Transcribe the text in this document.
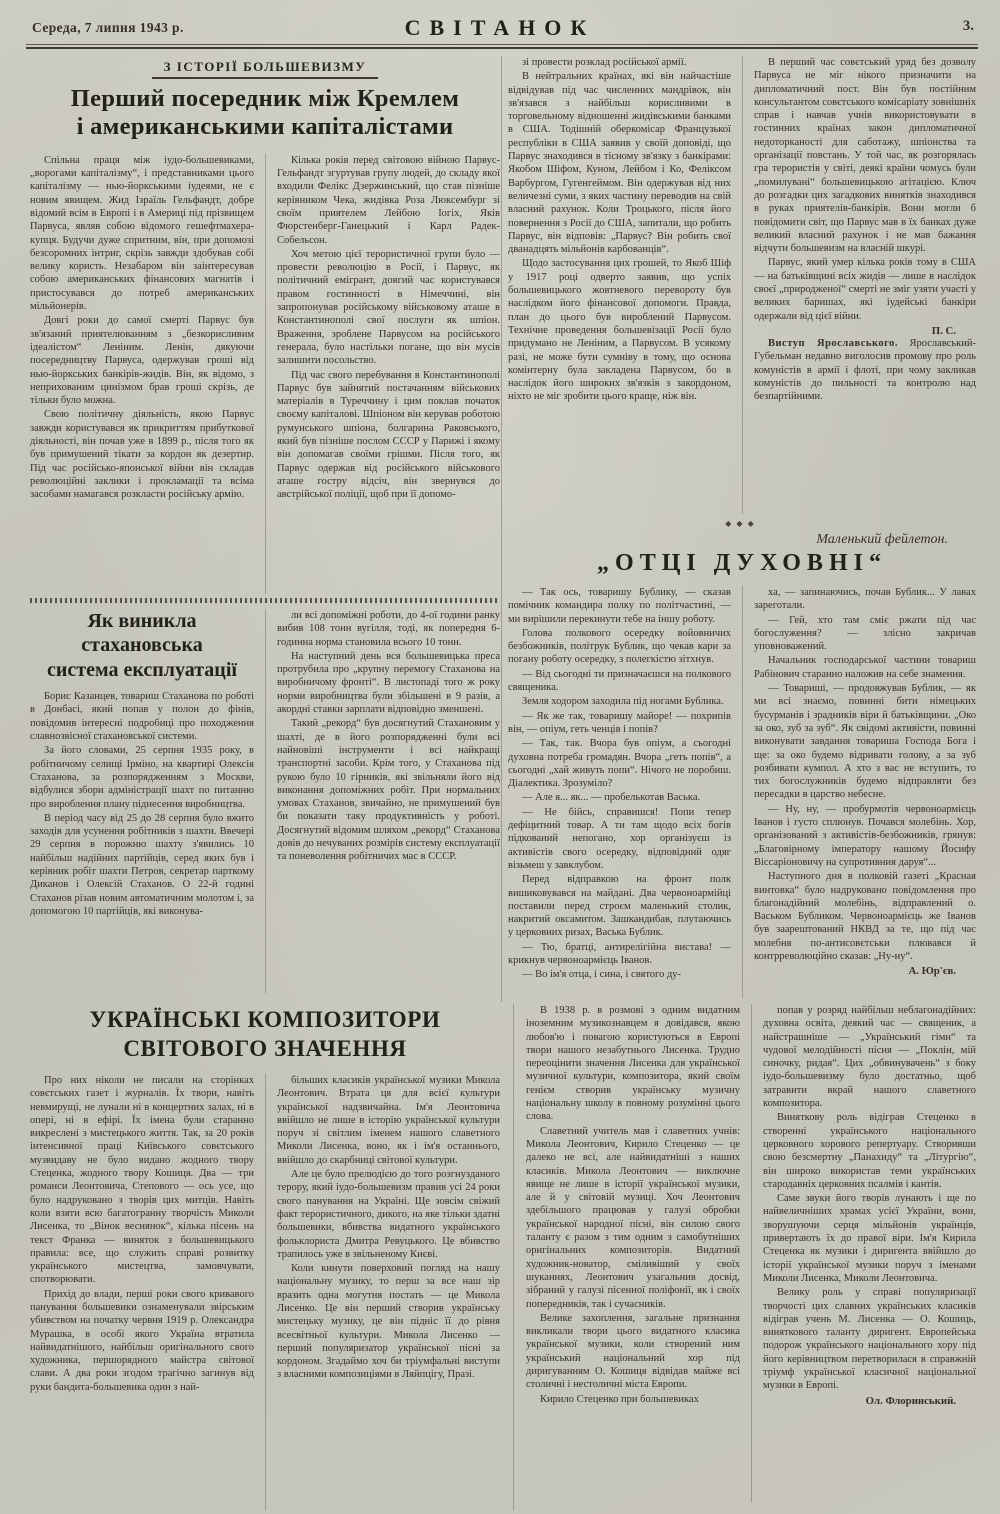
Середа, 7 липня 1943 р.	СВІТАНОК	3.
З ІСТОРІЇ БОЛЬШЕВИЗМУ
Перший посередник між Кремлем
і американськими капіталістами

Спільна праця між іудо-большевиками, „ворогами капіталізму“, і представниками цього капіталізму — нью-йоркськими іудеями, не є новим явищем. Жид Ізраїль Гельфандт, добре відомий всім в Европі і в Америці під прізвищем Парвуса, являв собою відомого гешефтмахера-купця. Будучи дуже спритним, він, при допомозі безсоромних інтриг, скрізь завжди здобував собі велику користь. Незабаром він заінтересував собою американських фінансових магнатів і пристосувався до потреб американських мільйонерів.

Довгі роки до самої смерті Парвус був зв'язаний приятелюванням з „безкорисливим ідеалістом“ Леніним. Ленін, дякуючи посередництву Парвуса, одержував гроші від нью-йоркських банкірів-жидів. Він, як відомо, з неприхованим цинізмом брав гроші скрізь, де тільки було можна.

Свою політичну діяльність, якою Парвус завжди користувався як прикриттям прибуткової діяльності, він почав уже в 1899 р., після того як був примушений тікати за кордон як дезертир. Під час російсько-японської війни він складав революційні заклики і прокламації та всіма засобами намагався розкласти російську армію.

Кілька років перед світовою війною Парвус-Гельфандт згуртував групу людей, до складу якої входили Фелікс Дзержинський, що став пізніше керівником Чека, жидівка Роза Люксембург зі своїм приятелем Лейбою Іогіх, Яків Фюрстенберг-Ганецький і Карл Радек-Собельсон.

Хоч метою цієї терористичної групи було — провести революцію в Росії, і Парвус, як політичний емігрант, довгий час користувався правом гостинності в Німеччині, він запропонував російському військовому аташе в Константинополі свої послуги як шпіон. Враження, зроблене Парвусом на російського генерала, було настільки погане, що він мусів залишити посольство.

Під час свого перебування в Константинополі Парвус був зайнятий постачанням військових матеріалів в Туреччину і цим поклав початок своєму капіталові. Шпіоном він керував роботою румунського шпіона, болгарина Раковського, який був пізніше послом СССР у Парижі і якому він допомагав своїми грішми. Після того, як Парвус одержав від російського військового аташе гостру відсіч, він звернувся до австрійської поліції, щоб при її допомо-

зі провести розклад російської армії.

В нейтральних країнах, які він найчастіше відвідував під час численних мандрівок, він зв'язався з найбільш корисливими в торговельному відношенні жидівськими банками в США. Тодішній оберкомісар Французької республіки в США заявив у своїй доповіді, що Парвус знаходився в тісному зв'язку з банкірами: Якобом Шіфом, Куном, Лейбом і Ко, Феліксом Варбургом, Гугенгеймом. Він одержував від них величезні суми, з яких частину переводив на свій власний рахунок. Коли Троцького, після його повернення з Росії до США, запитали, що робить Парвус, він відповів: „Парвус? Він робить свої дванадцять мільйонів карбованців“.

Щодо застосування цих грошей, то Якоб Шіф у 1917 році одверто заявив, що успіх большевицького жовтневого перевороту був наслідком його фінансової допомоги. Правда, план до цього був вироблений Парвусом. Технічне проведення большевізації Росії було придумано не Леніним, а Парвусом. В усякому разі, не може бути сумніву в тому, що основа комінтерну була закладена Парвусом, бо в наслідок його широких зв'язків з закордоном, ніхто не міг зробити цього краще, ніж він.

В перший час совєтський уряд без дозволу Парвуса не міг нікого призначити на дипломатичний пост. Він був постійним консультантом совєтського комісаріату зовнішніх справ і навчав учнів використовувати в гостинних країнах закон дипломатичної недоторканості для саботажу, шпіонства та організації повстань. У той час, як розгорялась гра терористів у світі, деякі країни чомусь були „помилувані“ большевицькою агітацією. Ключ до розгадки цих загадкових винятків знаходився в руках приятелів-банкірів. Вони могли б повідомити світ, що Парвус мав в їх банках дуже великий власний рахунок і не мав бажання відчути большевизм на власній шкурі.

Парвус, який умер кілька років тому в США — на батьківщині всіх жидів — лише в наслідок своєї „природженої“ смерті не зміг узяти участі у великих баришах, які іудейські банкіри одержали від цієї війни.

П. С.

Виступ Ярославського. Ярославський-Губельман недавно виголосив промову про роль комуністів в армії і флоті, при чому закликав комуністів до пильності та контролю над безпартійними.

◆◆◆
Маленький фейлетон.
„ОТЦІ ДУХОВНІ“

— Так ось, товаришу Бублику, — сказав помічник командира полку по політчастині, — ми вирішили перекинути тебе на іншу роботу.

Голова полкового осередку войовничих безбожників, політрук Бублик, що чекав кари за погану роботу осередку, з полегкістю зітхнув.

— Від сьогодні ти призначаєшся на полкового священика.

Земля ходором заходила під ногами Бублика.

— Як же так, товаришу майоре! — похрипів він, — опіум, геть ченців і попів?

— Так, так. Вчора був опіум, а сьогодні духовна потреба громадян. Вчора „геть попів“, а сьогодні „хай живуть попи“. Нічого не поробиш. Діалектика. Зрозуміло?

— Але я... як... — пробелькотав Васька.

— Не бійсь, справишся! Попи тепер дефіцитний товар. А ти там щодо всіх богів підкований непогано, хор організуєш із активістів свого осередку, відповідний одяг візьмеш у завклубом.

Перед відправкою на фронт полк вишиковувався на майдані. Два червоноармійці поставили перед строєм маленький столик, накритий оксамитом. Зашкандибав, плутаючись у церковних ризах, Васька Бублик.

— Тю, братці, антирелігійна вистава! — крикнув червоноармієць Іванов.

— Во ім'я отца, і сина, і святого ду-

ха, — запинаючись, почав Бублик... У лавах зареготали.

— Гей, хто там сміє ржати під час богослуження? — злісно закричав уповноважений.

Начальник господарської частини товариш Рабінович старанно наложив на себе знамення.

— Товариші, — продовжував Бублик, — як ми всі знаємо, повинні бити німецьких бусурманів і зрадників віри й батьківщини. „Око за око, зуб за зуб“. Як свідомі активісти, повинні виконувати завдання товариша Господа Бога і ще: за око будемо відривати голову, а за зуб розбивати кумпол. А хто з вас не вступить, то тих богослужників будемо відправляти без пересадки в царство небесне.

— Ну, ну, — пробурмотів червоноармієць Іванов і густо сплюнув. Почався молебінь. Хор, організований з активістів-безбожників, грянув: „Благовірному імператору нашому Йосифу Віссаріоновичу на супротивния даруя“...

Наступного дня в полковій газеті „Красная винтовка“ було надруковано повідомлення про благонадійний молебінь, відправлений о. Васьком Бубликом. Червоноармієць же Іванов був заарештований НКВД за те, що під час молебня по-антисовєтськи плювався й контрреволюційно сказав: „Ну-ну“.

А. Юр'єв.
Як виникла стахановська
система експлуатації

Борис Казанцев, товариш Стаханова по роботі в Донбасі, який попав у полон до фінів, повідомив інтересні подробиці про походження славнозвісної стахановської системи.

За його словами, 25 серпня 1935 року, в робітничому селищі Ірміно, на квартирі Олексія Стаханова, за розпорядженням з Москви, відбулися збори адміністрації шахт по питанню про вироблення плану піднесення виробництва.

В період часу від 25 до 28 серпня було вжито заходів для усунення робітників з шахти. Ввечері 29 серпня в порожню шахту з'явились 10 найбільш надійних партійців, серед яких був і керівник робіт шахти Петров, секретар парткому Диканов і Олексій Стаханов. О 22-й годині Стаханов різав новим автоматичним молотом і, за допомогою 10 партійців, які виконува-

ли всі допоміжні роботи, до 4-ої години ранку вибив 108 тонн вугілля, тоді, як попередня 6-годинна норма становила всього 10 тонн.

На наступний день вся большевицька преса протрубила про „крупну перемогу Стаханова на виробничому фронті“. В листопаді того ж року норми виробництва були збільшені в 9 разів, а акордні ставки зарплати відповідно зменшені.

Такий „рекорд“ був досягнутий Стахановим у шахті, де в його розпорядженні були всі найновіші інструменти і всі найкращі транспортні засоби. Крім того, у Стаханова під рукою було 10 гірників, які звільняли його від виконання допоміжних робіт. При нормальних умовах Стаханов, звичайно, не примушений був би показати таку продуктивність у роботі. Досягнутий відомим шляхом „рекорд“ Стаханова довів до нечуваних розмірів систему експлуатації та поневолення робітничих мас в СССР.

УКРАЇНСЬКІ КОМПОЗИТОРИ
СВІТОВОГО ЗНАЧЕННЯ

Про них ніколи не писали на сторінках совєтських газет і журналів. Їх твори, навіть невмирущі, не лунали ні в концертних залах, ні в опері, ні в ефірі. Їх імена були старанно викреслені з мистецького життя. Так, за 20 років інтенсивної праці Київського совєтського музвидаву не було видано жодного твору Стеценка, жодного твору Кошиця. Два — три романси Леонтовича, Степового — ось усе, що було надруковано з творів цих митців. Навіть коли взяти всю багатогранну творчість Миколи Лисенка, то „Вінок веснянок“, кілька пісень на текст Франка — виняток з большевицького правила: все, що служить справі розвитку українського мистецтва, замовчувати, спотворювати.

Прихід до влади, перші роки свого кривавого панування большевики ознаменували звірським убивством на початку червня 1919 р. Олександра Мурашка, в особі якого Україна втратила найвидатнішого, найбільш оригінального свого художника, першорядного майстра світової слави. А два роки згодом трагічно загинув від руки бандита-большевика один з най-

більших класиків української музики Микола Леонтович. Втрата ця для всієї культури української надзвичайна. Ім'я Леонтовича ввійшло не лише в історію української культури поруч зі світлим іменем нашого славетного Миколи Лисенка, воно, як і ім'я останнього, ввійшло до скарбниці світової культури.

Але це було прелюдією до того розгнузданого терору, який іудо-большевизм правив усі 24 роки свого панування на Україні. Ще зовсім свіжий факт терористичного, дикого, на яке тільки здатні большевики, вбивства видатного українського фольклориста Дмитра Ревуцького. Це вбивство трапилось уже в звільненому Києві.

Коли кинути поверховий погляд на нашу національну музику, то перш за все наш зір вразить одна могутня постать — це Микола Лисенко. Це він перший створив українську мистецьку музику, це він підніс її до рівня всесвітньої культури. Микола Лисенко — перший популяризатор української пісні за кордоном. Згадаймо хоч би тріумфальні виступи з власними композиціями в Ляйпцігу, Празі.

В 1938 р. в розмові з одним видатним іноземним музикознавцем я довідався, якою любов'ю і повагою користуються в Европі твори нашого незабутнього Лисенка. Трудно переоцінити значення Лисенка для української музичної культури, композитора, який своїм генієм створив українську музичну національну школу в повному розумінні цього слова.

Славетний учитель мав і славетних учнів: Микола Леонтович, Кирило Стеценко — це далеко не всі, але найвидатніші з наших класиків. Микола Леонтович — виключне явище не лише в історії української музики, але й у світовій музиці. Хоч Леонтович здебільшого працював у галузі обробки української народної пісні, він силою свого таланту є разом з тим одним з самобутніших оригінальних композиторів. Видатний художник-новатор, сміливіший у своїх шуканнях, Леонтович узагальнив досвід, зібраний у галузі пісенної поліфонії, як і своїх попередників, так і сучасників.

Велике захоплення, загальне признання викликали твори цього видатного класика української музики, коли створений ним український національний хор під диригуванням О. Кошиця відвідав майже всі столичні і нестоличні міста Европи.

Кирило Стеценко при большевиках

попав у розряд найбільш неблагонадійних: духовна освіта, деякий час — священик, а найстрашніше — „Український гімн“ та чудової мелодійності пісня — „Поклін, мій синочку, ридая“. Цих „обвинувачень“ з боку іудо-большевизму було достатньо, щоб затравити вкрай нашого славетного композитора.

Виняткову роль відіграв Стеценко в створенні українського національного церковного хорового репертуару. Створивши свою безсмертну „Панахиду“ та „Літургію“, він широко використав теми українських стародавніх церковних псалмів і кантів.

Саме звуки його творів лунають і ще по найвеличніших храмах усієї України, вони, зворушуючи серця мільйонів українців, привертають їх до правої віри. Ім'я Кирила Стеценка як музики і диригента ввійшло до історії української музики поруч з іменами Миколи Лисенка, Миколи Леонтовича.

Велику роль у справі популяризації творчості цих славних українських класиків відіграв учень М. Лисенка — О. Кошиць, виняткового таланту диригент. Европейська подорож українського національного хору під його керівництвом перетворилася в справжній тріумф української класичної національної музики в Европі.

Ол. Флоринський.
